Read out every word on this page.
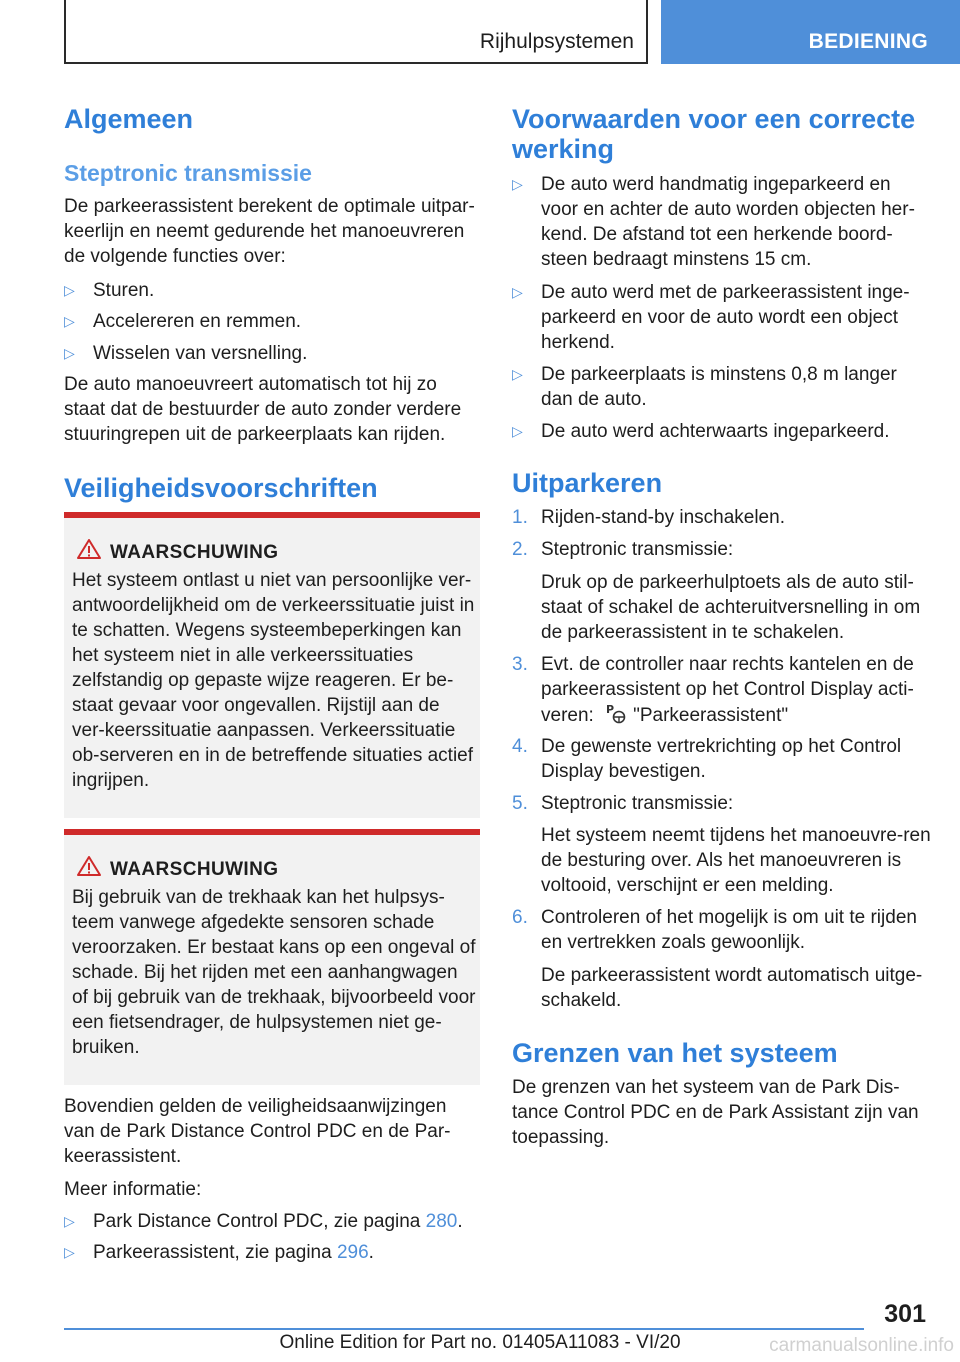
Rijhulpsystemen	BEDIENING
Algemeen
Steptronic transmissie

De parkeerassistent berekent de optimale uitpar-keerlijn en neemt gedurende het manoeuvreren de volgende functies over:

▷ Sturen.
▷ Accelereren en remmen.
▷ Wisselen van versnelling.

De auto manoeuvreert automatisch tot hij zo staat dat de bestuurder de auto zonder verdere stuuringrepen uit de parkeerplaats kan rijden.

Veiligheidsvoorschriften
WAARSCHUWING

Het systeem ontlast u niet van persoonlijke ver-antwoordelijkheid om de verkeerssituatie juist in te schatten. Wegens systeembeperkingen kan het systeem niet in alle verkeerssituaties zelfstandig op gepaste wijze reageren. Er be-staat gevaar voor ongevallen. Rijstijl aan de ver-keerssituatie aanpassen. Verkeerssituatie ob-serveren en in de betreffende situaties actief ingrijpen.

WAARSCHUWING

Bij gebruik van de trekhaak kan het hulpsys-teem vanwege afgedekte sensoren schade veroorzaken. Er bestaat kans op een ongeval of schade. Bij het rijden met een aanhangwagen of bij gebruik van de trekhaak, bijvoorbeeld voor een fietsendrager, de hulpsystemen niet ge-bruiken.

Bovendien gelden de veiligheidsaanwijzingen van de Park Distance Control PDC en de Par-keerassistent.

Meer informatie:

▷ Park Distance Control PDC, zie pagina 280.
▷ Parkeerassistent, zie pagina 296.
Voorwaarden voor een correcte werking
▷ De auto werd handmatig ingeparkeerd en voor en achter de auto worden objecten her-kend. De afstand tot een herkende boord-steen bedraagt minstens 15 cm.
▷ De auto werd met de parkeerassistent inge-parkeerd en voor de auto wordt een object herkend.
▷ De parkeerplaats is minstens 0,8 m langer dan de auto.
▷ De auto werd achterwaarts ingeparkeerd.
Uitparkeren
1. Rijden-stand-by inschakelen.
2. Steptronic transmissie:

Druk op de parkeerhulptoets als de auto stil-staat of schakel de achteruitversnelling in om de parkeerassistent in te schakelen.

3. Evt. de controller naar rechts kantelen en de parkeerassistent op het Control Display acti-veren: P "Parkeerassistent"
4. De gewenste vertrekrichting op het Control Display bevestigen.
5. Steptronic transmissie:

Het systeem neemt tijdens het manoeuvre-ren de besturing over. Als het manoeuvreren is voltooid, verschijnt er een melding.

6. Controleren of het mogelijk is om uit te rijden en vertrekken zoals gewoonlijk.

De parkeerassistent wordt automatisch uitge-schakeld.

Grenzen van het systeem

De grenzen van het systeem van de Park Dis-tance Control PDC en de Park Assistant zijn van toepassing.

301
Online Edition for Part no. 01405A11083 - VI/20	carmanualsonline.info
